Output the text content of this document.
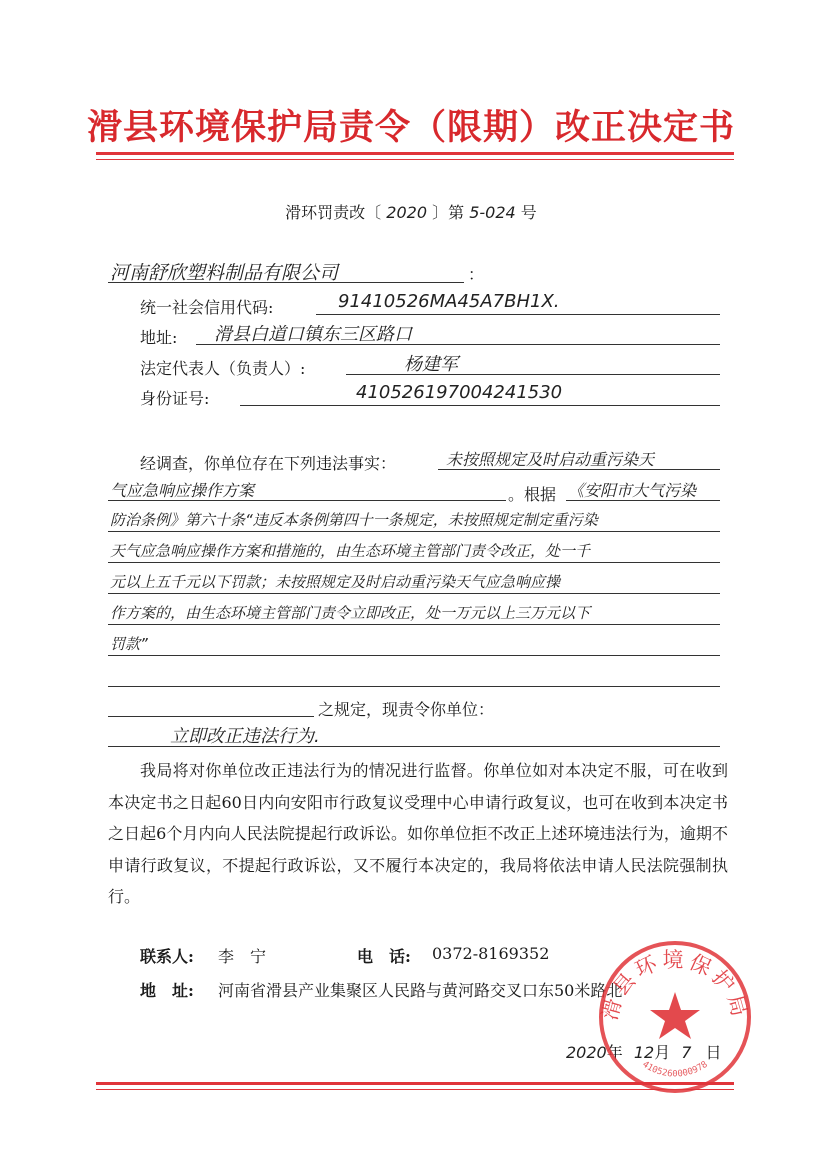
滑县环境保护局责令（限期）改正决定书
滑环罚责改〔 2020 〕第 5-024 号
河南舒欣塑料制品有限公司	：
统一社会信用代码:	91410526MA45A7BH1X.
地址: 滑县白道口镇东三区路口
法定代表人（负责人）:	杨建军
身份证号:	410526197004241530
经调查，你单位存在下列违法事实：	未按照规定及时启动重污染天
气应急响应操作方案	。根据 《安阳市大气污染
防治条例》第六十条“违反本条例第四十一条规定，未按照规定制定重污染
天气应急响应操作方案和措施的，由生态环境主管部门责令改正，处一千
元以上五千元以下罚款；未按照规定及时启动重污染天气应急响应操
作方案的，由生态环境主管部门责令立即改正，处一万元以上三万元以下
罚款”
之规定，现责令你单位：
立即改正违法行为.
我局将对你单位改正违法行为的情况进行监督。你单位如对本决定不服，可在收到本决定书之日起60日内向安阳市行政复议受理中心申请行政复议，也可在收到本决定书之日起6个月内向人民法院提起行政诉讼。如你单位拒不改正上述环境违法行为，逾期不申请行政复议，不提起行政诉讼，又不履行本决定的，我局将依法申请人民法院强制执行。
联系人: 李　宁	电　话: 0372-8169352
地　址: 河南省滑县产业集聚区人民路与黄河路交叉口东50米路北
2020年 12月 7 日
滑县环境保护局
4105260000978
